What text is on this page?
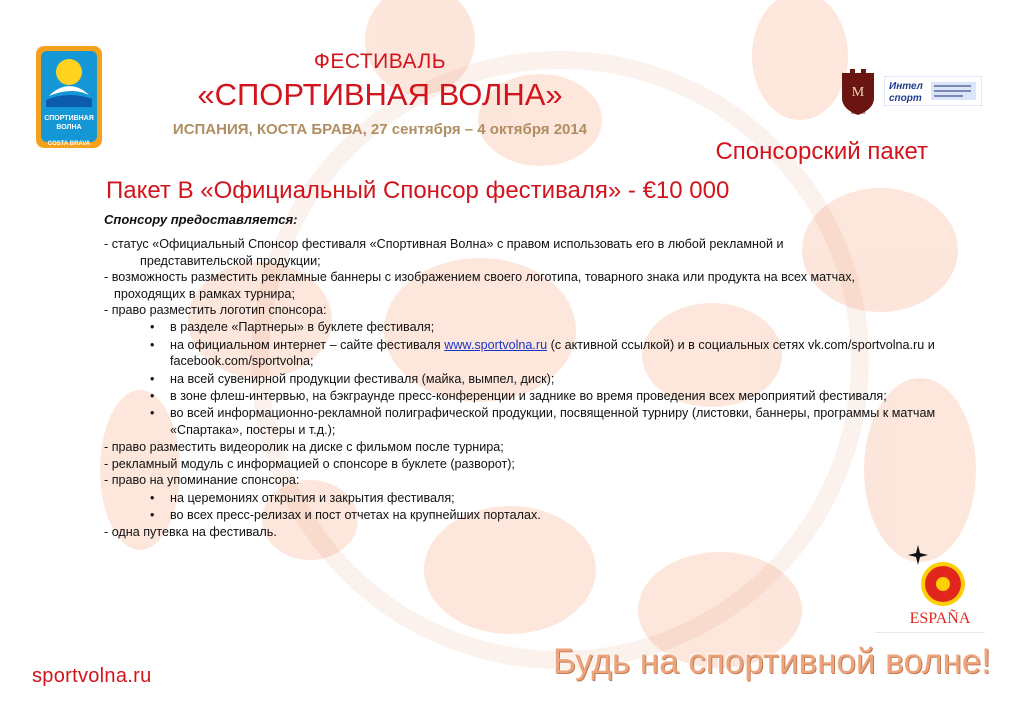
СПОРТИВНАЯ
ВОЛНА
COSTA BRAVA
ФЕСТИВАЛЬ
«СПОРТИВНАЯ ВОЛНА»
ИСПАНИЯ, КОСТА БРАВА, 27 сентября – 4 октября 2014
M
Ma Tea
Интел
спорт
Спонсорский пакет
Пакет B «Официальный Спонсор фестиваля» - €10 000
Спонсору предоставляется:
- статус «Официальный Спонсор фестиваля «Спортивная Волна» с правом использовать его в любой рекламной и
представительской продукции;
- возможность разместить рекламные баннеры с изображением своего логотипа, товарного знака или продукта на всех матчах,
проходящих в рамках турнира;
- право разместить логотип спонсора:
• в разделе «Партнеры» в буклете фестиваля;
• на официальном интернет – сайте фестиваля www.sportvolna.ru (с активной ссылкой) и в социальных сетях vk.com/sportvolna.ru и facebook.com/sportvolna;
• на всей сувенирной продукции фестиваля (майка, вымпел, диск);
• в зоне флеш-интервью, на бэкграунде пресс-конференции и заднике во время проведения всех мероприятий фестиваля;
• во всей информационно-рекламной полиграфической продукции, посвященной турниру (листовки, баннеры, программы к матчам «Спартака», постеры и т.д.);
- право разместить видеоролик на диске с фильмом после турнира;
- рекламный модуль с информацией о спонсоре в буклете (разворот);
- право на упоминание спонсора:
• на церемониях открытия и закрытия фестиваля;
• во всех пресс-релизах и пост отчетах на крупнейших порталах.
- одна путевка на фестиваль.
ESPAÑA
sportvolna.ru	Будь на спортивной волне!
